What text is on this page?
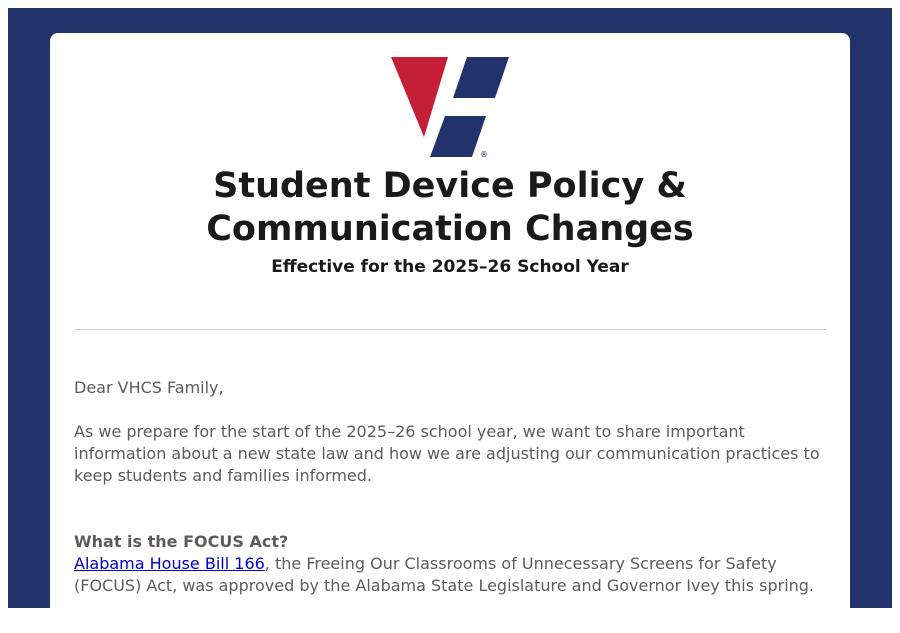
®
Student Device Policy &
Communication Changes

Effective for the 2025–26 School Year

Dear VHCS Family,

As we prepare for the start of the 2025–26 school year, we want to share important information about a new state law and how we are adjusting our communication practices to keep students and families informed.

What is the FOCUS Act?

Alabama House Bill 166, the Freeing Our Classrooms of Unnecessary Screens for Safety (FOCUS) Act, was approved by the Alabama State Legislature and Governor Ivey this spring.
